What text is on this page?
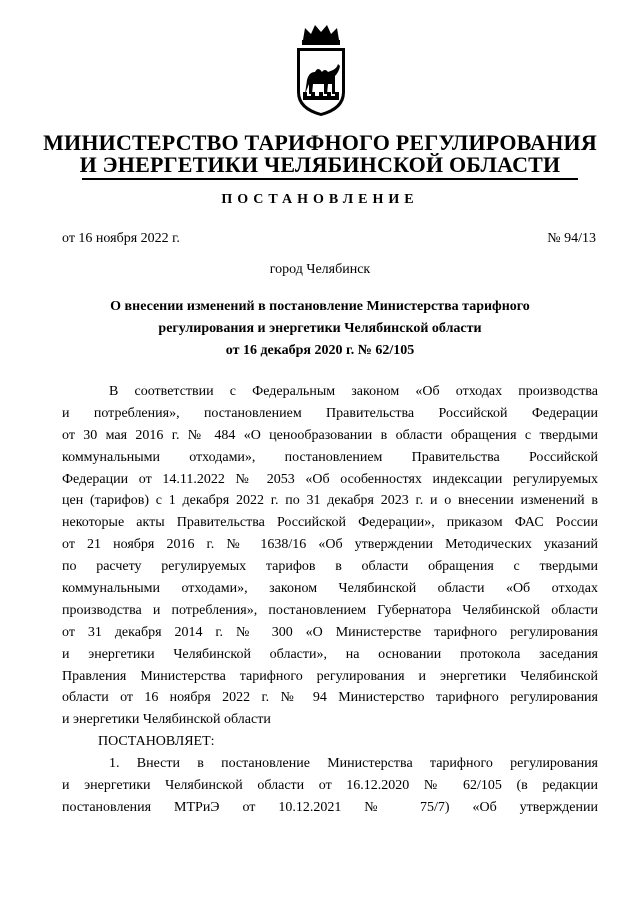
МИНИСТЕРСТВО ТАРИФНОГО РЕГУЛИРОВАНИЯ
И ЭНЕРГЕТИКИ ЧЕЛЯБИНСКОЙ ОБЛАСТИ
ПОСТАНОВЛЕНИЕ
от 16 ноября 2022 г.	№ 94/13
город Челябинск
О внесении изменений в постановление Министерства тарифного
регулирования и энергетики Челябинской области
от 16 декабря 2020 г. № 62/105
В соответствии с Федеральным законом «Об отходах производства
и потребления», постановлением Правительства Российской Федерации
от 30 мая 2016 г. № 484 «О ценообразовании в области обращения с твердыми
коммунальными отходами», постановлением Правительства Российской
Федерации от 14.11.2022 № 2053 «Об особенностях индексации регулируемых
цен (тарифов) с 1 декабря 2022 г. по 31 декабря 2023 г. и о внесении изменений в
некоторые акты Правительства Российской Федерации», приказом ФАС России
от 21 ноября 2016 г. № 1638/16 «Об утверждении Методических указаний
по расчету регулируемых тарифов в области обращения с твердыми
коммунальными отходами», законом Челябинской области «Об отходах
производства и потребления», постановлением Губернатора Челябинской области
от 31 декабря 2014 г. № 300 «О Министерстве тарифного регулирования
и энергетики Челябинской области», на основании протокола заседания
Правления Министерства тарифного регулирования и энергетики Челябинской
области от 16 ноября 2022 г. № 94 Министерство тарифного регулирования
и энергетики Челябинской области
ПОСТАНОВЛЯЕТ:
1. Внести в постановление Министерства тарифного регулирования
и энергетики Челябинской области от 16.12.2020 № 62/105 (в редакции
постановления МТРиЭ от 10.12.2021 № 75/7) «Об утверждении
